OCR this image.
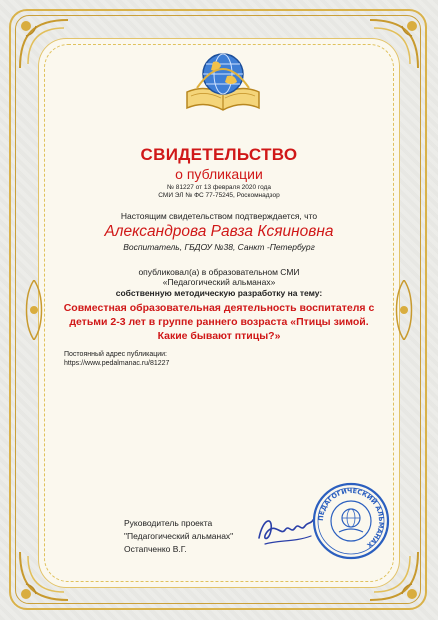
СВИДЕТЕЛЬСТВО

о публикации

№ 81227 от 13 февраля 2020 года

СМИ ЭЛ № ФС 77-75245, Роскомнадзор

Настоящим свидетельством подтверждается, что

Александрова Равза Ксяиновна

Воспитатель, ГБДОУ №38, Санкт -Петербург

опубликовал(а) в образовательном СМИ

«Педагогический альманах»

собственную методическую разработку на тему:

Совместная образовательная деятельность воспитателя с детьми 2-3 лет в группе раннего возраста «Птицы зимой. Какие бывают птицы?»

Постоянный адрес публикации:

https://www.pedalmanac.ru/81227

Руководитель проекта

"Педагогический альманах"

Остапченко В.Г.

ПЕДАГОГИЧЕСКИЙ АЛЬМАНАХ
